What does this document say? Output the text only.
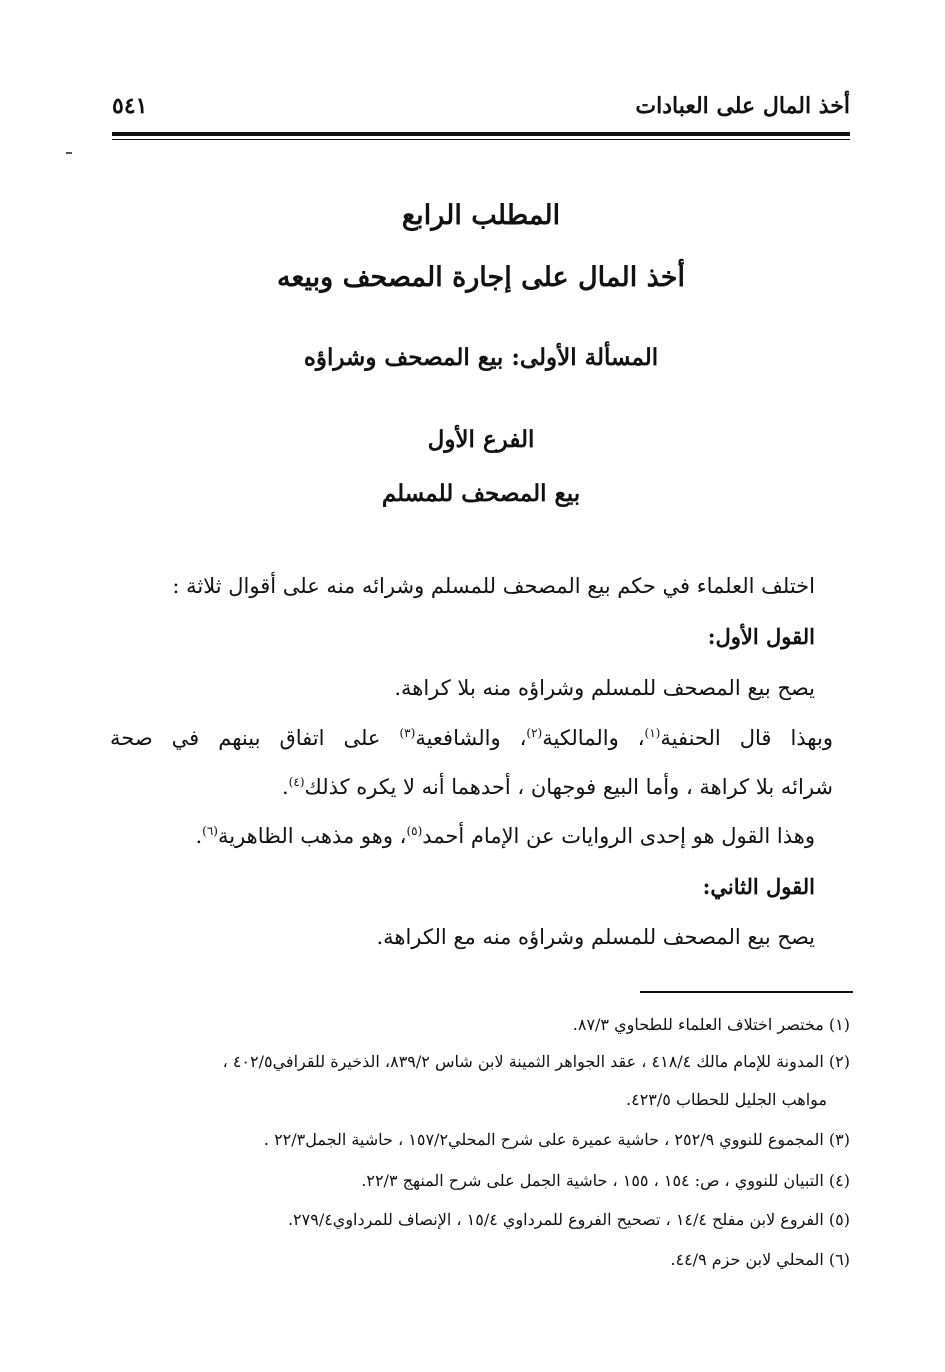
أخذ المال على العبادات
٥٤١
المطلب الرابع
أخذ المال على إجارة المصحف وبيعه
المسألة الأولى: بيع المصحف وشراؤه
الفرع الأول
بيع المصحف للمسلم
اختلف العلماء في حكم بيع المصحف للمسلم وشرائه منه على أقوال ثلاثة :
القول الأول:
يصح بيع المصحف للمسلم وشراؤه منه بلا كراهة.
وبهذا قال الحنفية$^{(١)}$، والمالكية$^{(٢)}$، والشافعية$^{(٣)}$ على اتفاق بينهم في صحة
شرائه بلا كراهة ، وأما البيع فوجهان ، أحدهما أنه لا يكره كذلك$^{(٤)}$.
وهذا القول هو إحدى الروايات عن الإمام أحمد$^{(٥)}$، وهو مذهب الظاهرية$^{(٦)}$.
القول الثاني:
يصح بيع المصحف للمسلم وشراؤه منه مع الكراهة.
(١) مختصر اختلاف العلماء للطحاوي ٨٧/٣.
(٢) المدونة للإمام مالك ٤١٨/٤ ، عقد الجواهر الثمينة لابن شاس ٨٣٩/٢، الذخيرة للقرافي٤٠٢/٥ ،
مواهب الجليل للحطاب ٤٢٣/٥.
(٣) المجموع للنووي ٢٥٢/٩ ، حاشية عميرة على شرح المحلي١٥٧/٢ ، حاشية الجمل٢٢/٣ .
(٤) التبيان للنووي ، ص: ١٥٤ ، ١٥٥ ، حاشية الجمل على شرح المنهج ٢٢/٣.
(٥) الفروع لابن مفلح ١٤/٤ ، تصحيح الفروع للمرداوي ١٥/٤ ، الإنصاف للمرداوي٢٧٩/٤.
(٦) المحلي لابن حزم ٤٤/٩.
